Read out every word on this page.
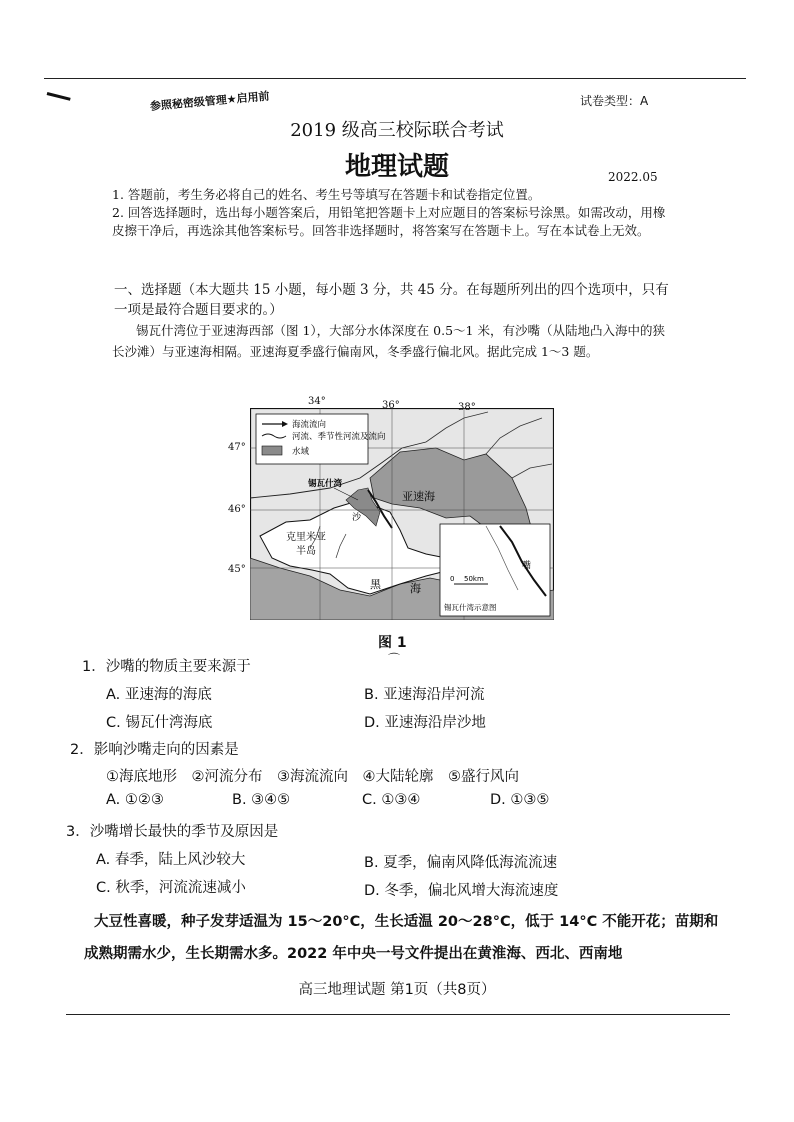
参照秘密级管理★启用前	试卷类型：A
2019 级高三校际联合考试
地理试题	2022.05

1. 答题前，考生务必将自己的姓名、考生号等填写在答题卡和试卷指定位置。

2. 回答选择题时，选出每小题答案后，用铅笔把答题卡上对应题目的答案标号涂黑。如需改动，用橡皮擦干净后，再选涂其他答案标号。回答非选择题时，将答案写在答题卡上。写在本试卷上无效。

一、选择题（本大题共 15 小题，每小题 3 分，共 45 分。在每题所列出的四个选项中，只有一项是最符合题目要求的。）
锡瓦什湾位于亚速海西部（图 1），大部分水体深度在 0.5～1 米，有沙嘴（从陆地凸入海中的狭长沙滩）与亚速海相隔。亚速海夏季盛行偏南风，冬季盛行偏北风。据此完成 1～3 题。
海流流向
河流、季节性河流及流向
水域
锡瓦什湾
亚速海
克里米亚
半岛
黑	海
沙
0 50km
嘴
锡瓦什湾示意图
34°	36°	38°
47°
46°
45°
图 1
⌒
1．沙嘴的物质主要来源于
A. 亚速海的海底	B. 亚速海沿岸河流
C. 锡瓦什湾海底	D. 亚速海沿岸沙地
2．影响沙嘴走向的因素是
①海底地形　②河流分布　③海流流向　④大陆轮廓　⑤盛行风向
A. ①②③	B. ③④⑤	C. ①③④	D. ①③⑤
3．沙嘴增长最快的季节及原因是
A. 春季，陆上风沙较大	B. 夏季，偏南风降低海流流速
C. 秋季，河流流速减小	D. 冬季，偏北风增大海流速度
大豆性喜暖，种子发芽适温为 15～20°C，生长适温 20～28°C，低于 14°C 不能开花；苗期和成熟期需水少，生长期需水多。2022 年中央一号文件提出在黄淮海、西北、西南地
高三地理试题 第1页（共8页）
